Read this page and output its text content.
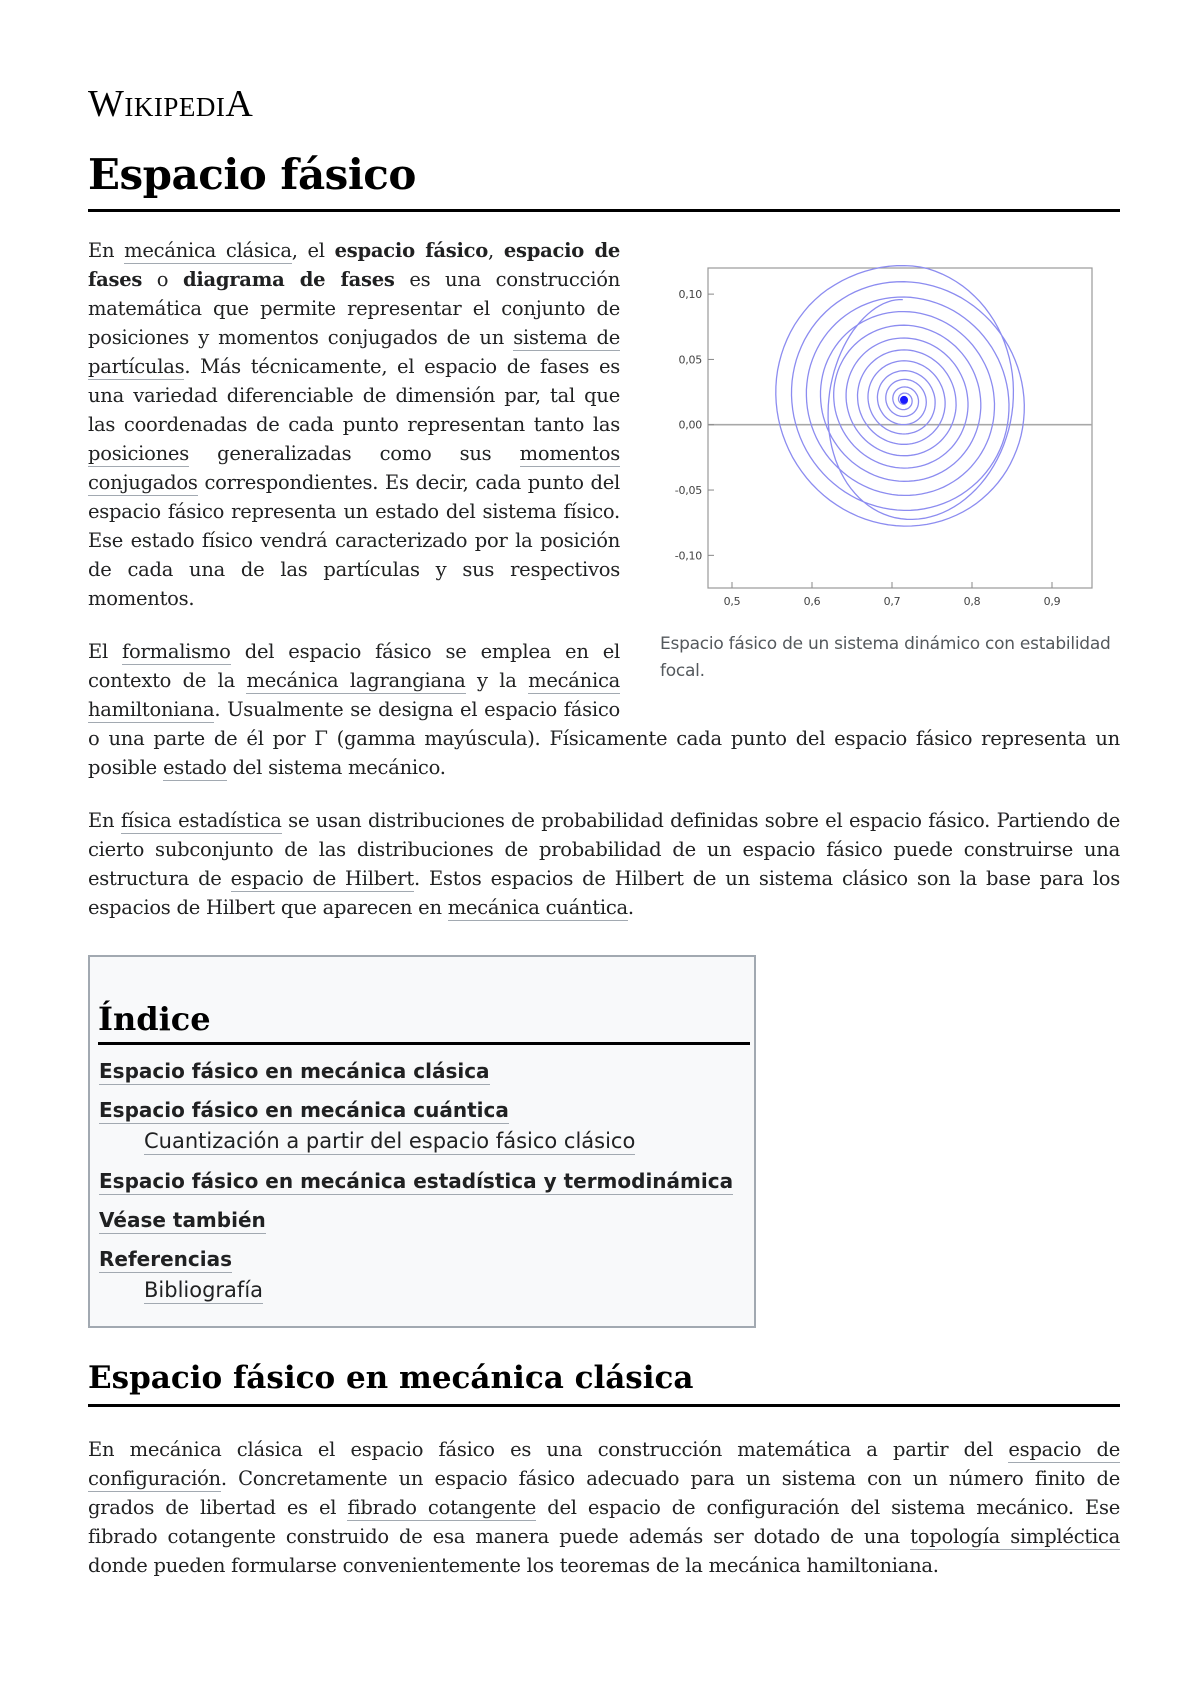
WIKIPEDIA
Espacio fásico
0,5	0,6	0,7	0,8	0,9
0,10
0,05
0,00
-0,05
-0,10
Espacio fásico de un sistema dinámico con estabilidad focal.

En mecánica clásica, el espacio fásico, espacio de fases o diagrama de fases es una construcción matemática que permite representar el conjunto de posiciones y momentos conjugados de un sistema de partículas. Más técnicamente, el espacio de fases es una variedad diferenciable de dimensión par, tal que las coordenadas de cada punto representan tanto las posiciones generalizadas como sus momentos conjugados correspondientes. Es decir, cada punto del espacio fásico representa un estado del sistema físico. Ese estado físico vendrá caracterizado por la posición de cada una de las partículas y sus respectivos momentos.

El formalismo del espacio fásico se emplea en el contexto de la mecánica lagrangiana y la mecánica hamiltoniana. Usualmente se designa el espacio fásico o una parte de él por Γ (gamma mayúscula). Físicamente cada punto del espacio fásico representa un posible estado del sistema mecánico.

En física estadística se usan distribuciones de probabilidad definidas sobre el espacio fásico. Partiendo de cierto subconjunto de las distribuciones de probabilidad de un espacio fásico puede construirse una estructura de espacio de Hilbert. Estos espacios de Hilbert de un sistema clásico son la base para los espacios de Hilbert que aparecen en mecánica cuántica.

Índice
Espacio fásico en mecánica clásica
Espacio fásico en mecánica cuántica
Cuantización a partir del espacio fásico clásico
Espacio fásico en mecánica estadística y termodinámica
Véase también
Referencias
Bibliografía
Espacio fásico en mecánica clásica

En mecánica clásica el espacio fásico es una construcción matemática a partir del espacio de configuración. Concretamente un espacio fásico adecuado para un sistema con un número finito de grados de libertad es el fibrado cotangente del espacio de configuración del sistema mecánico. Ese fibrado cotangente construido de esa manera puede además ser dotado de una topología simpléctica donde pueden formularse convenientemente los teoremas de la mecánica hamiltoniana.
